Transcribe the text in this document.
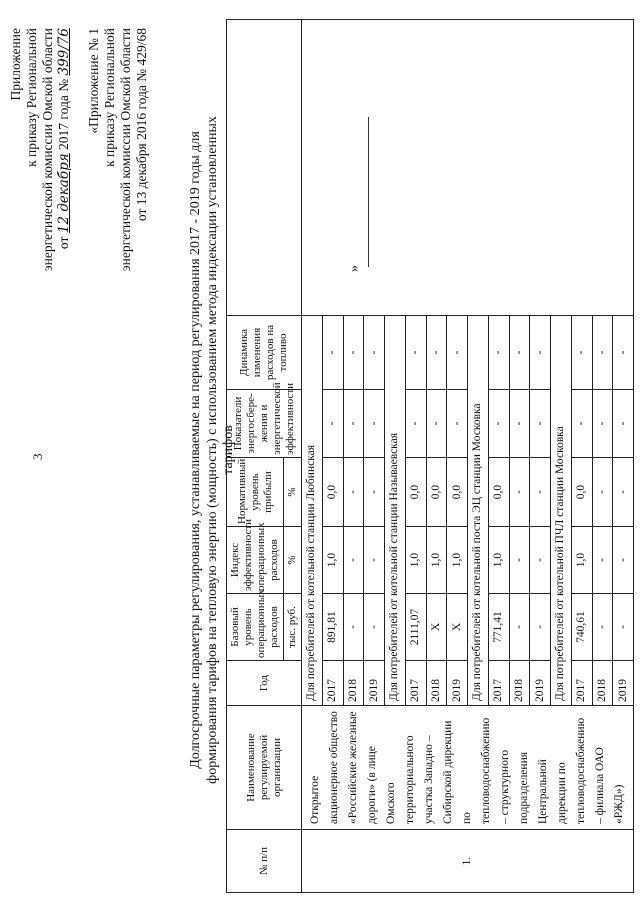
3
Приложение к приказу Региональной энергетической комиссии Омской области от 12 декабря 2017 года № 399/76 «Приложение № 1 к приказу Региональной энергетической комиссии Омской области от 13 декабря 2016 года № 429/68
Долгосрочные параметры регулирования, устанавливаемые на период регулирования 2017 - 2019 годы для формирования тарифов на тепловую энергию (мощность) с использованием метода индексации установленных тарифов
№ п/п	Наименование регулируемой организации	Год	Базовый уровень операционных расходов	Индекс эффективности операционных расходов	Нормативный уровень прибыли	Показатели энергосбере-жения и энергетической эффективности	Динамика изменения расходов на топливо	
			тыс. руб.	%	%			
1.	Открытое акционерное общество «Российские железные дороги» (в лице Омского территориального участка Западно – Сибирской дирекции по тепловодоснабжению – структурного подразделения Центральной дирекции по тепловодоснабжению – филиала ОАО «РЖД»)	Для потребителей от котельной станции Любинская						
		2017	891,81	1,0	0,0	-	-	
		2018	-	-	-	-	-	
		2019	-	-	-	-	-	
		Для потребителей от котельной станции Называевская						
		2017	2111,07	1,0	0,0	-	-	
		2018	X	1,0	0,0	-	-	
		2019	X	1,0	0,0	-	-	
		Для потребителей от котельной поста ЭЦ станции Московка						
		2017	771,41	1,0	0,0	-	-	
		2018	-	-	-	-	-	
		2019	-	-	-	-	-	
		Для потребителей от котельной ПЧЛ станции Московка						
		2017	740,61	1,0	0,0	-	-	
		2018	-	-	-	-	-	
		2019	-	-	-	-	-	
»
